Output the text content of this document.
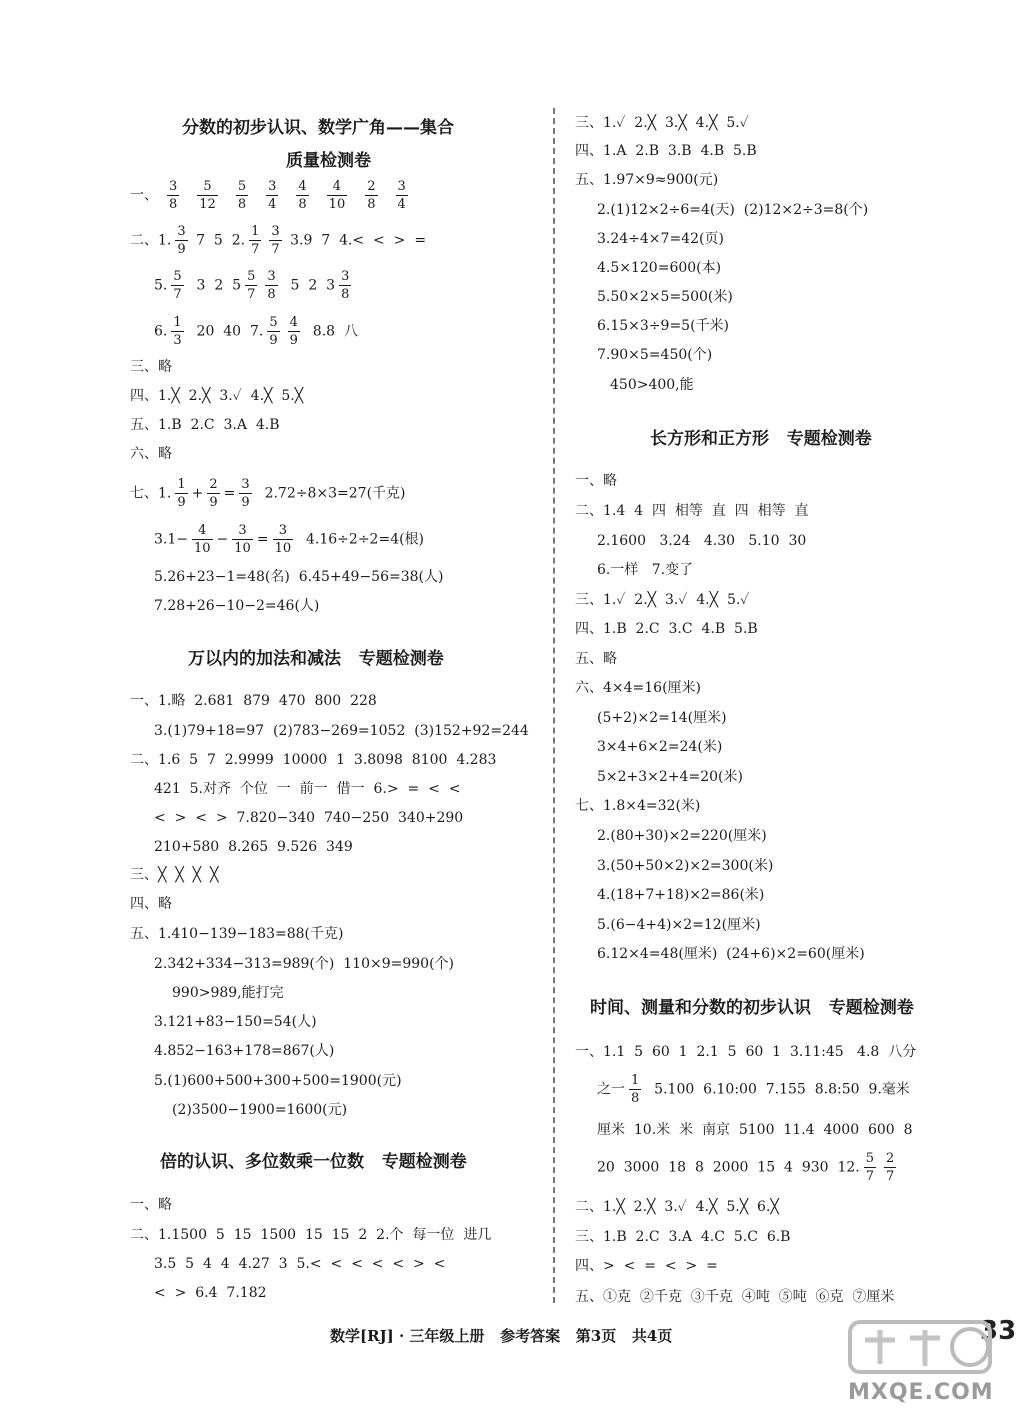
分数的初步认识、数学广角——集合
质量检测卷
一、 $\frac{3}{8} \frac{5}{12} \frac{5}{8} \frac{3}{4} \frac{4}{8} \frac{4}{10} \frac{2}{8} \frac{3}{4}$
二、1. $\frac{3}{9} 7$  5  2. $\frac{1}{7} \frac{3}{7} 3.9$  7  4.<  <  >  =
5. $\frac{5}{7} 3$  2  $5 \frac{5}{7} \frac{3}{8} 5$  2  $3 \frac{3}{8}$
6. $\frac{1}{3} 20$  40  7. $\frac{5}{9} \frac{4}{9} 8.8$  八
三、略
四、1.╳  2.╳  3.✓  4.╳  5.╳
五、1.B  2.C  3.A  4.B
六、略
七、1. $\frac{1}{9} + \frac{2}{9} = \frac{3}{9} 2.72\div 8\times 3=27$(千克)
$3.1- \frac{4}{10} - \frac{3}{10} = \frac{3}{10} 4.16\div 2\div 2=4$(根)
5.26+23−1=48(名)  6.45+49−56=38(人)
7.28+26−10−2=46(人)
万以内的加法和减法   专题检测卷
一、1.略  2.681  879  470  800  228
3.(1)79+18=97  (2)783−269=1052  (3)152+92=244
二、1.6  5  7  2.9999  10000  1  3.8098  8100  4.283
421  5.对齐  个位  一  前一  借一  6.>  =  <  <
<  >  <  >  7.820−340  740−250  340+290
210+580  8.265  9.526  349
三、╳  ╳  ╳  ╳
四、略
五、1.410−139−183=88(千克)
2.342+334−313=989(个)  110×9=990(个)
990>989,能打完
3.121+83−150=54(人)
4.852−163+178=867(人)
5.(1)600+500+300+500=1900(元)
(2)3500−1900=1600(元)
倍的认识、多位数乘一位数   专题检测卷
一、略
二、1.1500  5  15  1500  15  15  2  2.个  每一位  进几
3.5  5  4  4  4.27  3  5.<  <  <  <  <  >  <
<  >  6.4  7.182
三、1.✓  2.╳  3.╳  4.╳  5.✓
四、1.A  2.B  3.B  4.B  5.B
五、1.97×9≈900(元)
2.(1)12×2÷6=4(天)  (2)12×2÷3=8(个)
3.24÷4×7=42(页)
4.5×120=600(本)
5.50×2×5=500(米)
6.15×3÷9=5(千米)
7.90×5=450(个)
450>400,能
长方形和正方形   专题检测卷
一、略
二、1.4  4  四  相等  直  四  相等  直
2.1600   3.24   4.30   5.10  30
6.一样   7.变了
三、1.✓  2.╳  3.✓  4.╳  5.✓
四、1.B  2.C  3.C  4.B  5.B
五、略
六、4×4=16(厘米)
(5+2)×2=14(厘米)
3×4+6×2=24(米)
5×2+3×2+4=20(米)
七、1.8×4=32(米)
2.(80+30)×2=220(厘米)
3.(50+50×2)×2=300(米)
4.(18+7+18)×2=86(米)
5.(6−4+4)×2=12(厘米)
6.12×4=48(厘米)  (24+6)×2=60(厘米)
时间、测量和分数的初步认识   专题检测卷
一、1.1  5  60  1  2.1  5  60  1  3.11:45   4.8  八分
之一 $\frac{1}{8} 5.100$  6.10:00  7.155  8.8:50  9.毫米
厘米  10.米  米  南京  5100  11.4  4000  600  8
20  3000  18  8  2000  15  4  930  12. $\frac{5}{7} \frac{2}{7}$
二、1.╳  2.╳  3.✓  4.╳  5.╳  6.╳
三、1.B  2.C  3.A  4.C  5.C  6.B
四、>  <  =  <  >  =
五、①克  ②千克  ③千克  ④吨  ⑤吨  ⑥克  ⑦厘米
数学[RJ] · 三年级上册   参考答案   第3页   共4页	33
MXQE.COM
